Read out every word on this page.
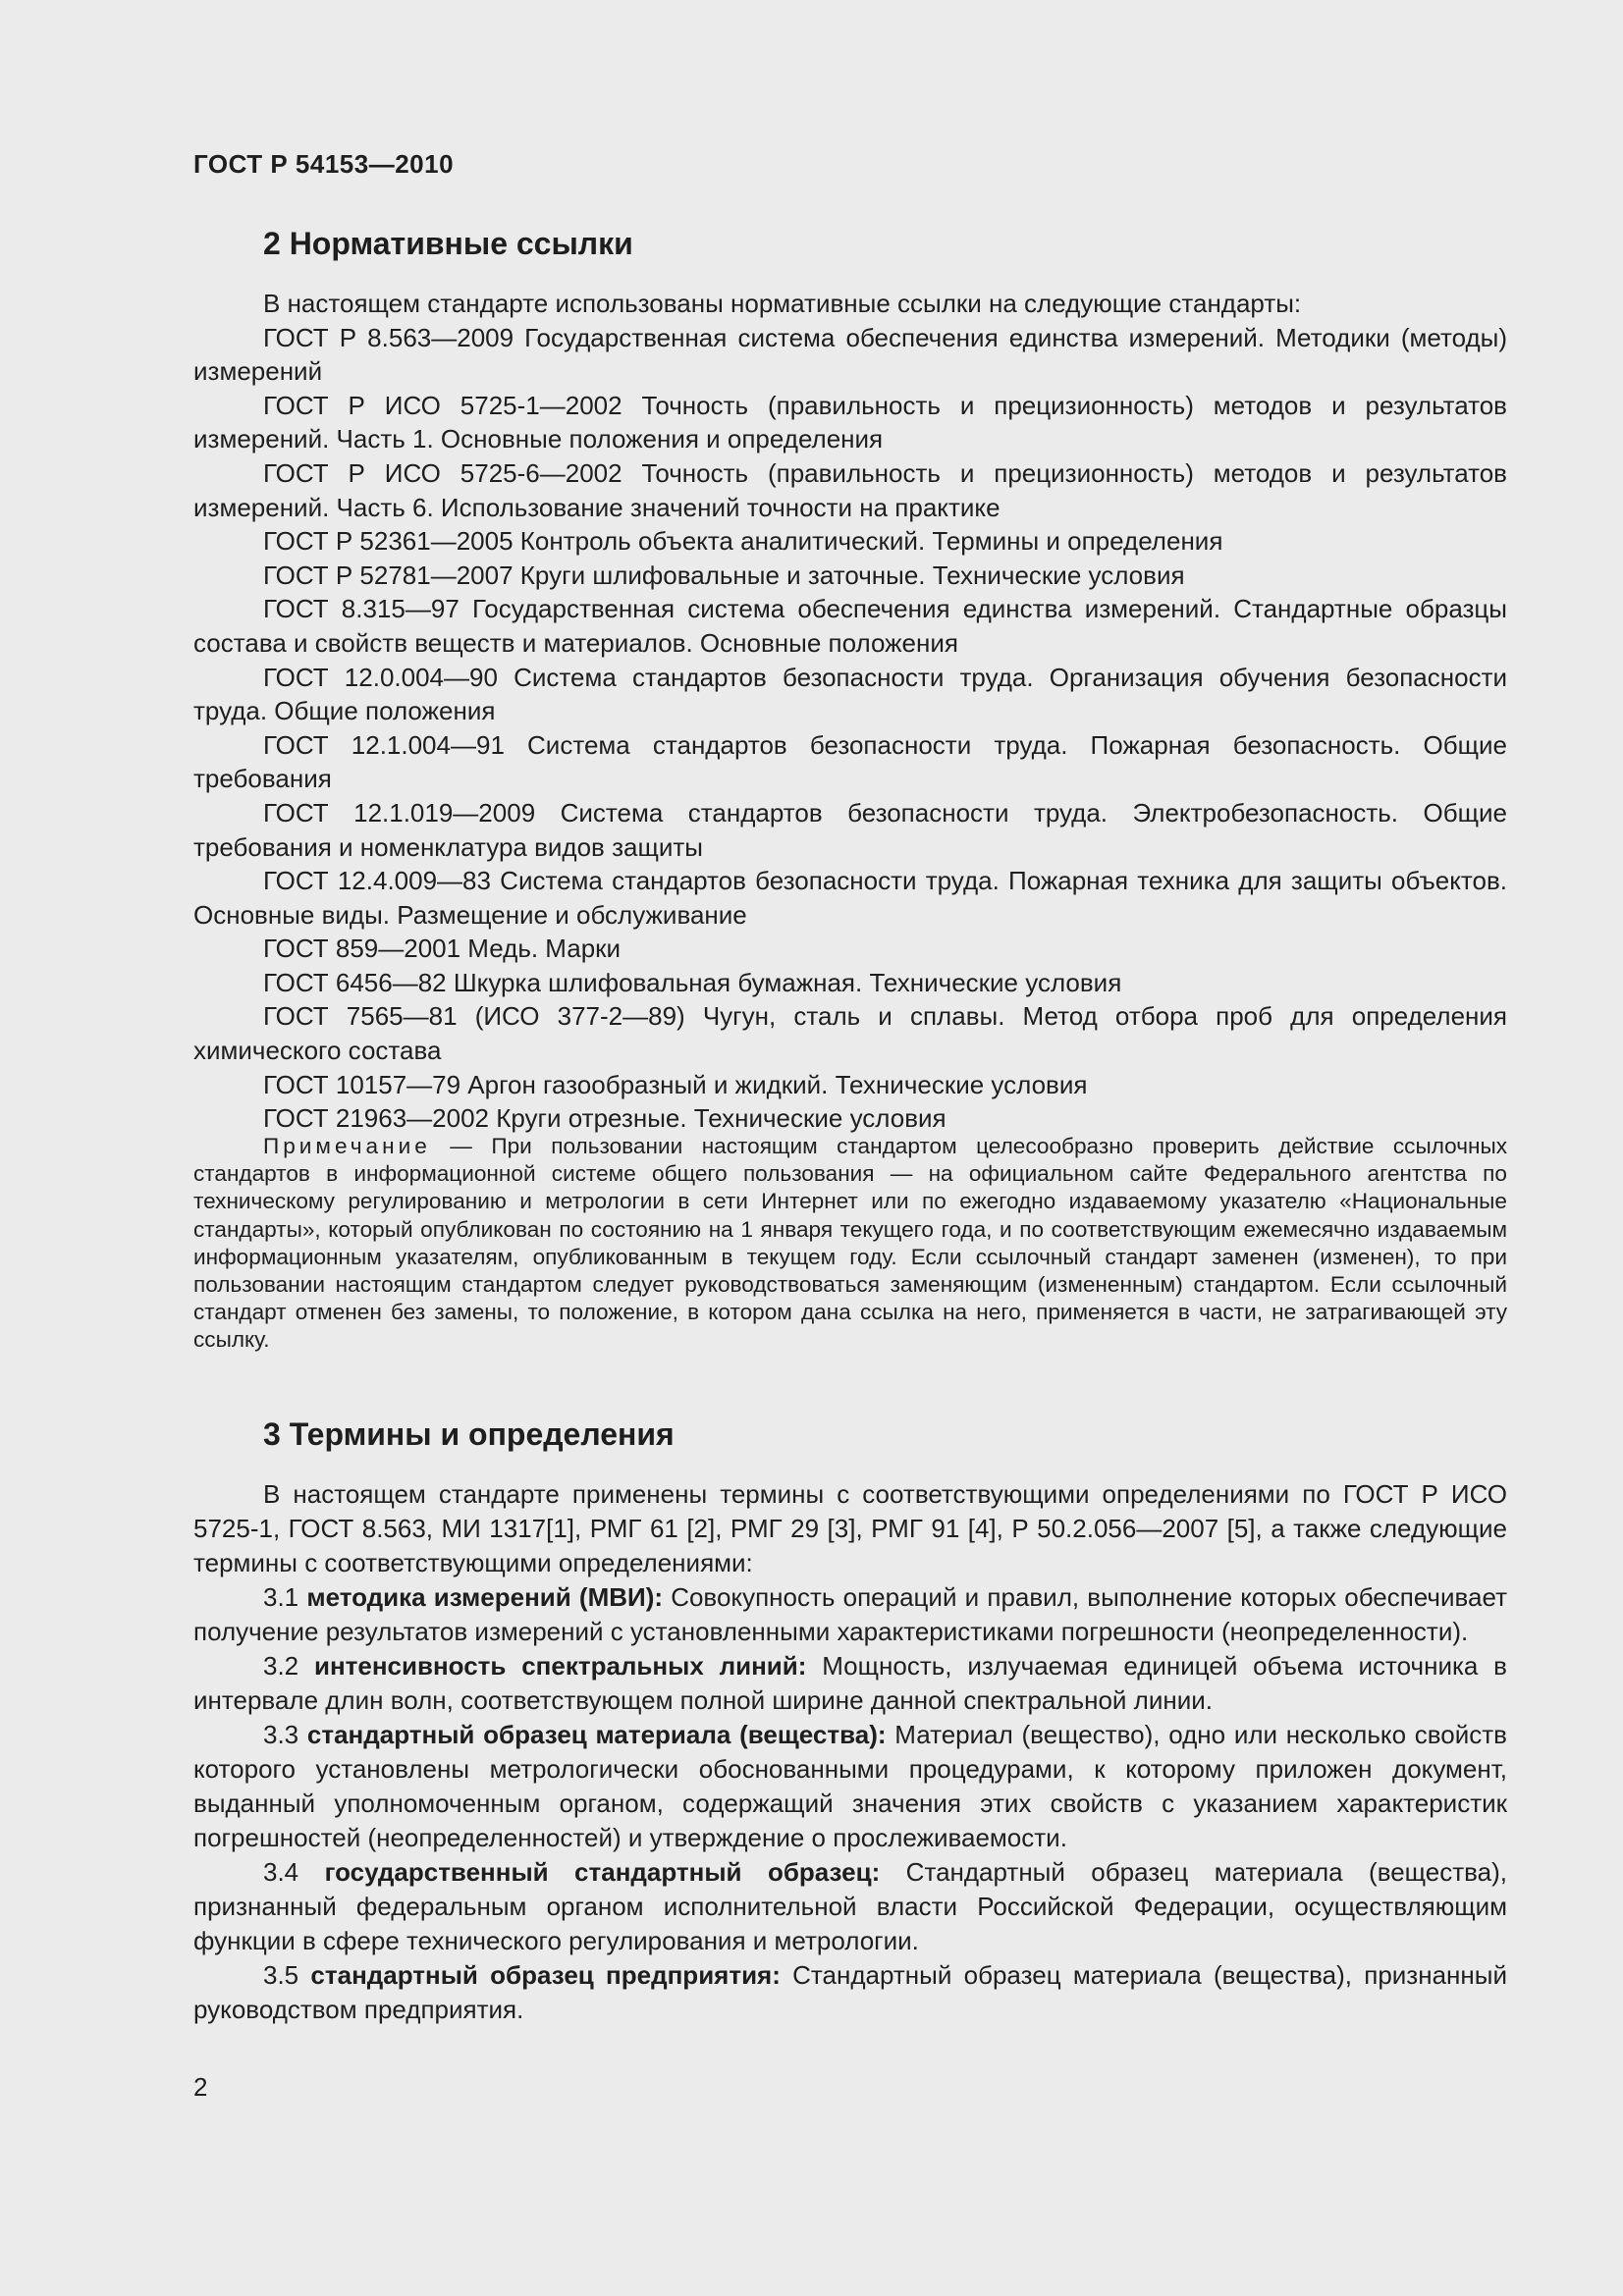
ГОСТ Р 54153—2010
2 Нормативные ссылки

В настоящем стандарте использованы нормативные ссылки на следующие стандарты:

ГОСТ Р 8.563—2009 Государственная система обеспечения единства измерений. Методики (методы) измерений

ГОСТ Р ИСО 5725-1—2002 Точность (правильность и прецизионность) методов и результатов измерений. Часть 1. Основные положения и определения

ГОСТ Р ИСО 5725-6—2002 Точность (правильность и прецизионность) методов и результатов измерений. Часть 6. Использование значений точности на практике

ГОСТ Р 52361—2005 Контроль объекта аналитический. Термины и определения

ГОСТ Р 52781—2007 Круги шлифовальные и заточные. Технические условия

ГОСТ 8.315—97 Государственная система обеспечения единства измерений. Стандартные образцы состава и свойств веществ и материалов. Основные положения

ГОСТ 12.0.004—90 Система стандартов безопасности труда. Организация обучения безопасности труда. Общие положения

ГОСТ 12.1.004—91 Система стандартов безопасности труда. Пожарная безопасность. Общие требования

ГОСТ 12.1.019—2009 Система стандартов безопасности труда. Электробезопасность. Общие требования и номенклатура видов защиты

ГОСТ 12.4.009—83 Система стандартов безопасности труда. Пожарная техника для защиты объектов. Основные виды. Размещение и обслуживание

ГОСТ 859—2001 Медь. Марки

ГОСТ 6456—82 Шкурка шлифовальная бумажная. Технические условия

ГОСТ 7565—81 (ИСО 377-2—89) Чугун, сталь и сплавы. Метод отбора проб для определения химического состава

ГОСТ 10157—79 Аргон газообразный и жидкий. Технические условия

ГОСТ 21963—2002 Круги отрезные. Технические условия

Примечание — При пользовании настоящим стандартом целесообразно проверить действие ссылочных стандартов в информационной системе общего пользования — на официальном сайте Федерального агентства по техническому регулированию и метрологии в сети Интернет или по ежегодно издаваемому указателю «Национальные стандарты», который опубликован по состоянию на 1 января текущего года, и по соответствующим ежемесячно издаваемым информационным указателям, опубликованным в текущем году. Если ссылочный стандарт заменен (изменен), то при пользовании настоящим стандартом следует руководствоваться заменяющим (измененным) стандартом. Если ссылочный стандарт отменен без замены, то положение, в котором дана ссылка на него, применяется в части, не затрагивающей эту ссылку.
3 Термины и определения

В настоящем стандарте применены термины с соответствующими определениями по ГОСТ Р ИСО 5725-1, ГОСТ 8.563, МИ 1317[1], РМГ 61 [2], РМГ 29 [3], РМГ 91 [4], Р 50.2.056—2007 [5], а также следующие термины с соответствующими определениями:

3.1 методика измерений (МВИ): Совокупность операций и правил, выполнение которых обеспечивает получение результатов измерений с установленными характеристиками погрешности (неопределенности).

3.2 интенсивность спектральных линий: Мощность, излучаемая единицей объема источника в интервале длин волн, соответствующем полной ширине данной спектральной линии.

3.3 стандартный образец материала (вещества): Материал (вещество), одно или несколько свойств которого установлены метрологически обоснованными процедурами, к которому приложен документ, выданный уполномоченным органом, содержащий значения этих свойств с указанием характеристик погрешностей (неопределенностей) и утверждение о прослеживаемости.

3.4 государственный стандартный образец: Стандартный образец материала (вещества), признанный федеральным органом исполнительной власти Российской Федерации, осуществляющим функции в сфере технического регулирования и метрологии.

3.5 стандартный образец предприятия: Стандартный образец материала (вещества), признанный руководством предприятия.

2
